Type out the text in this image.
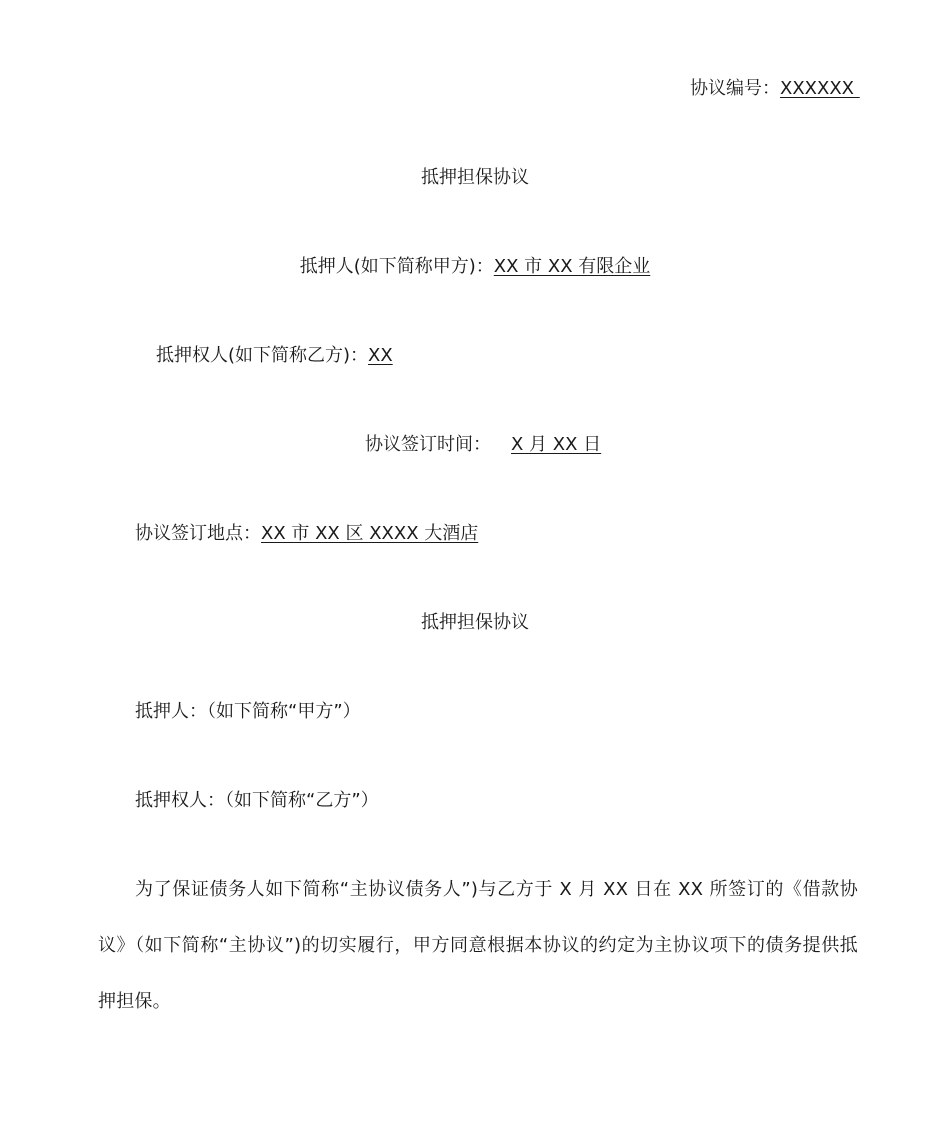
协议编号：XXXXXX
抵押担保协议
抵押人(如下简称甲方)：XX 市 XX 有限企业
抵押权人(如下简称乙方)：XX
协议签订时间： X 月 XX 日
协议签订地点：XX 市 XX 区 XXXX 大酒店
抵押担保协议
抵押人：（如下简称“甲方”）
抵押权人：（如下简称“乙方”）
为了保证债务人如下简称“主协议债务人”)与乙方于 X 月 XX 日在 XX 所签订的《借款协议》（如下简称“主协议”)的切实履行，甲方同意根据本协议的约定为主协议项下的债务提供抵押担保。
